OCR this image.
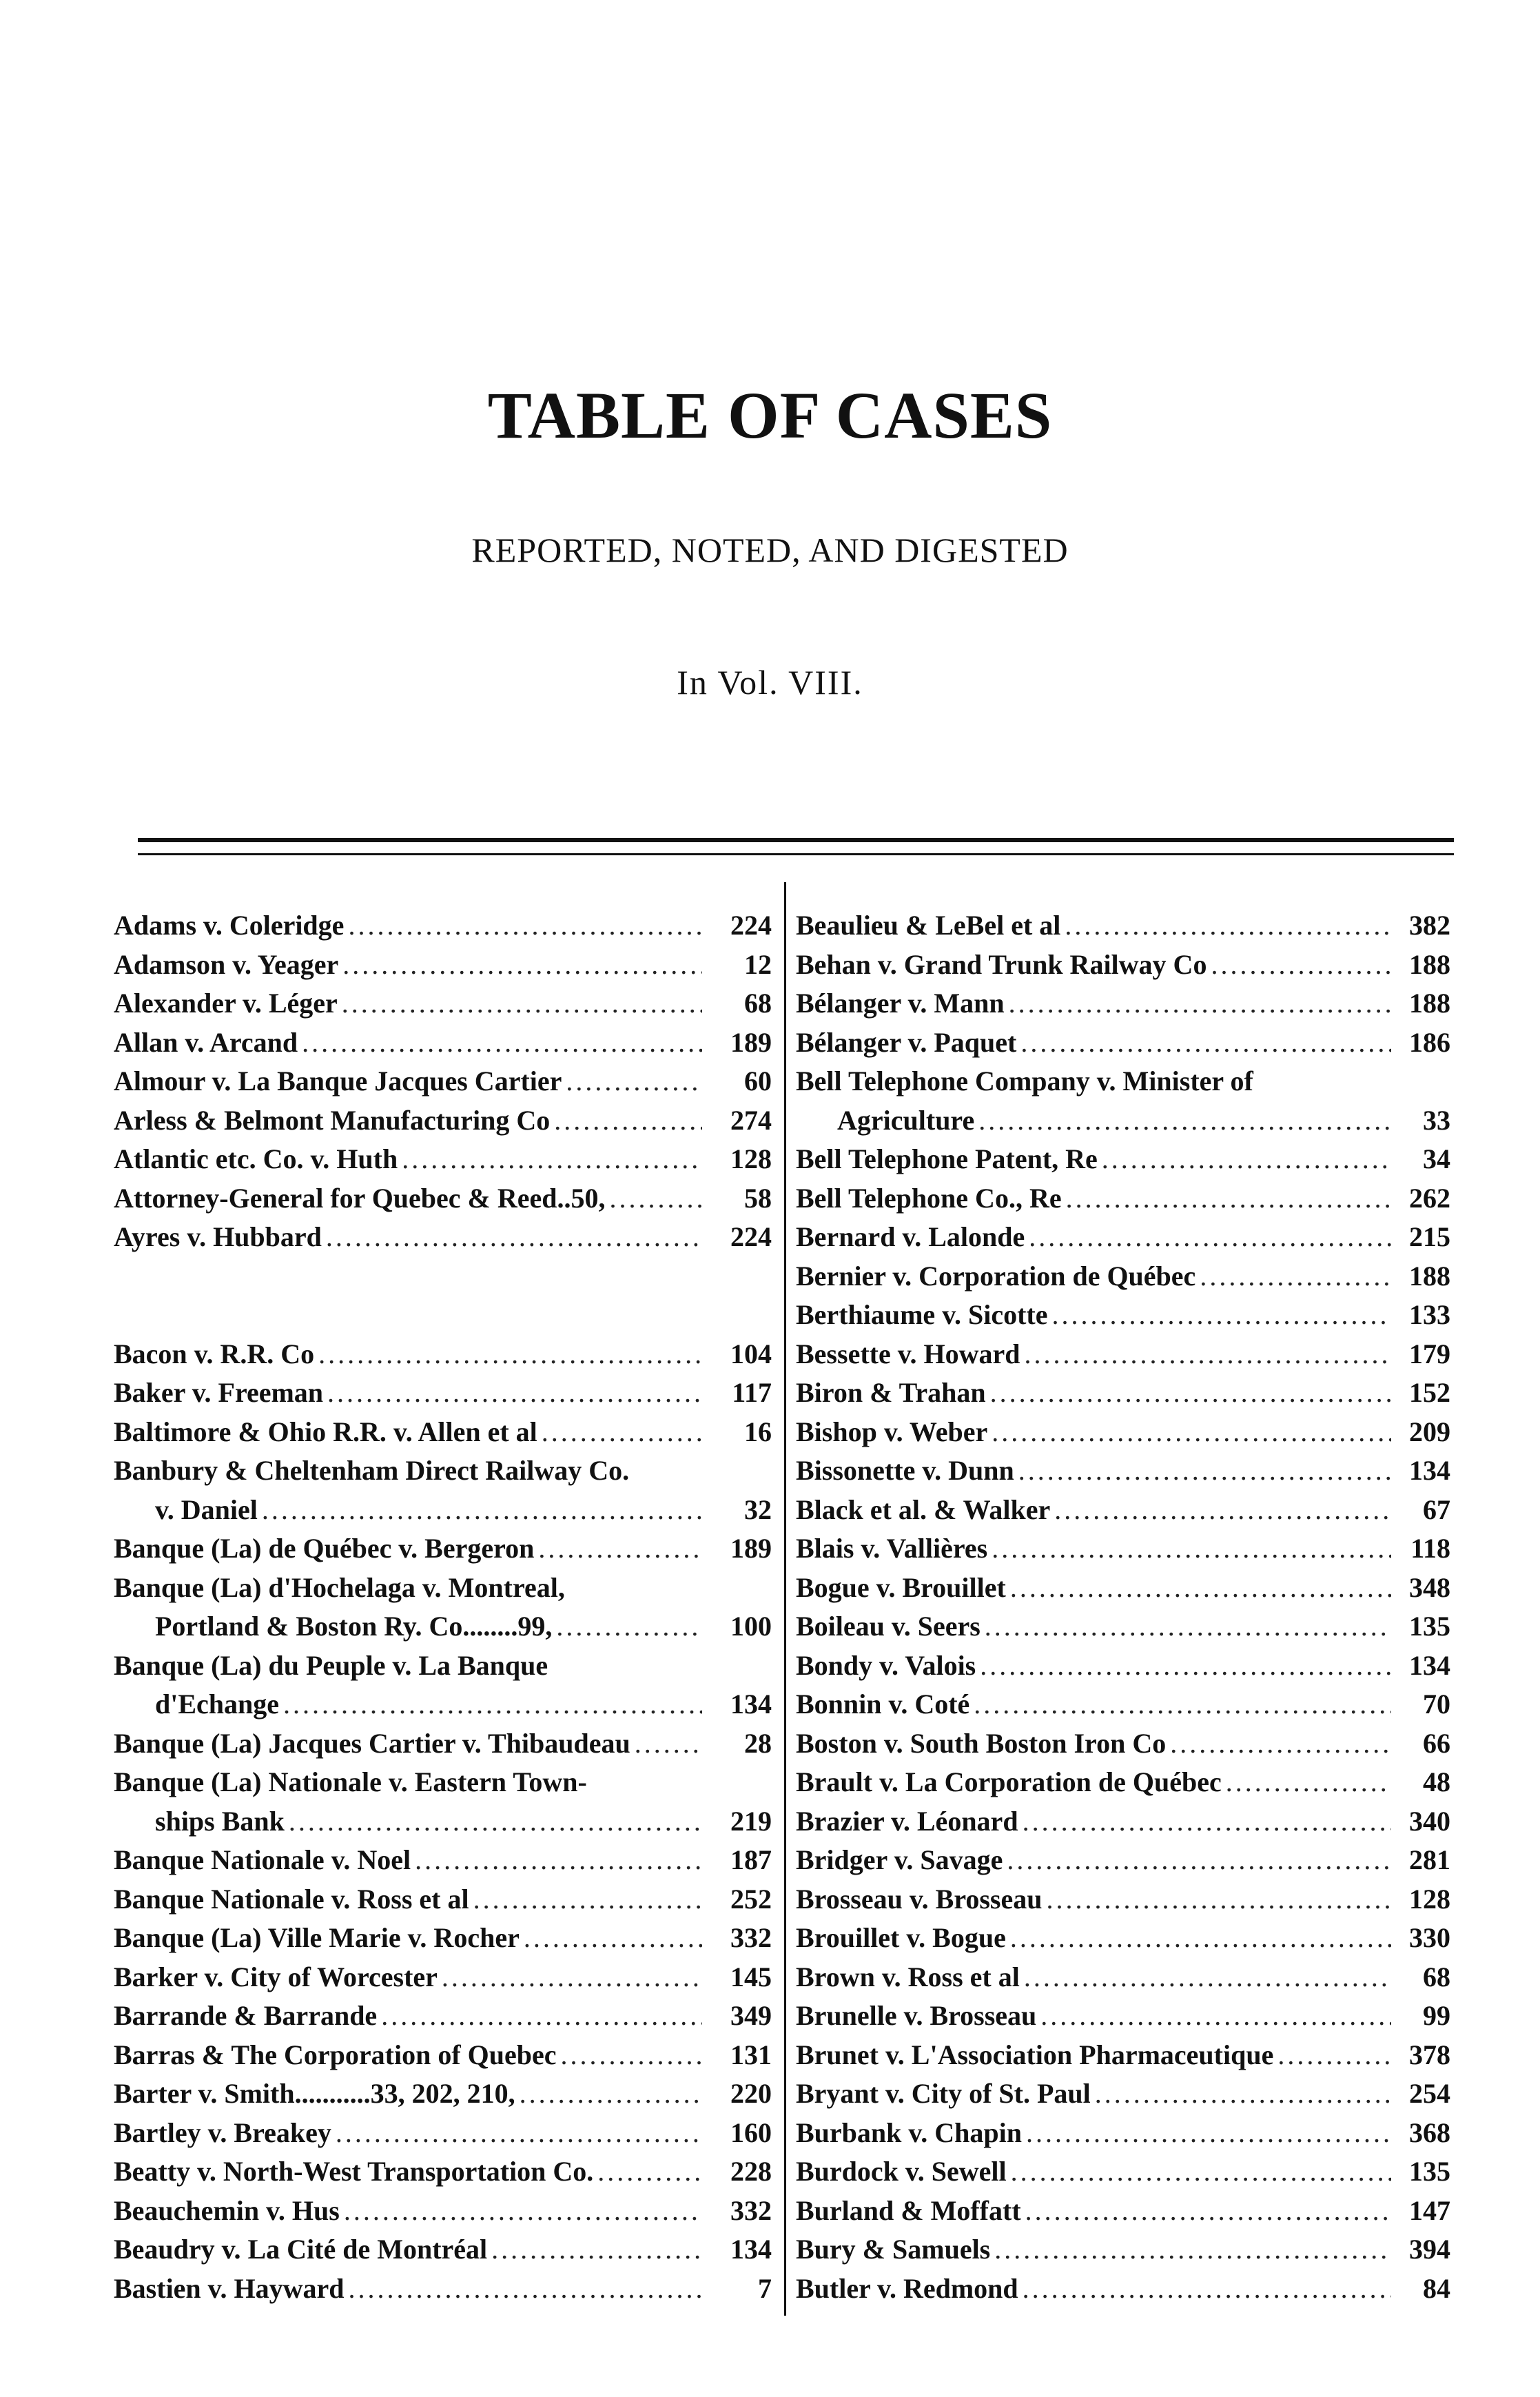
TABLE OF CASES
REPORTED, NOTED, AND DIGESTED
In Vol. VIII.
Adams v. Coleridge .....	224
Adamson v. Yeager .....	12
Alexander v. Léger .....	68
Allan v. Arcand .....	189
Almour v. La Banque Jacques Cartier .....	60
Arless & Belmont Manufacturing Co .....	274
Atlantic etc. Co. v. Huth .....	128
Attorney-General for Quebec & Reed..50, .....	58
Ayres v. Hubbard .....	224
Bacon v. R.R. Co .....	104
Baker v. Freeman .....	117
Baltimore & Ohio R.R. v. Allen et al .....	16
Banbury & Cheltenham Direct Railway Co.
v. Daniel .....	32
Banque (La) de Québec v. Bergeron .....	189
Banque (La) d'Hochelaga v. Montreal,
Portland & Boston Ry. Co........99, .....	100
Banque (La) du Peuple v. La Banque
d'Echange .....	134
Banque (La) Jacques Cartier v. Thibaudeau .....	28
Banque (La) Nationale v. Eastern Town-
ships Bank .....	219
Banque Nationale v. Noel .....	187
Banque Nationale v. Ross et al .....	252
Banque (La) Ville Marie v. Rocher .....	332
Barker v. City of Worcester .....	145
Barrande & Barrande .....	349
Barras & The Corporation of Quebec .....	131
Barter v. Smith...........33, 202, 210, .....	220
Bartley v. Breakey .....	160
Beatty v. North-West Transportation Co. .....	228
Beauchemin v. Hus .....	332
Beaudry v. La Cité de Montréal .....	134
Bastien v. Hayward .....	7
Beaulieu & LeBel et al .....	382
Behan v. Grand Trunk Railway Co .....	188
Bélanger v. Mann .....	188
Bélanger v. Paquet .....	186
Bell Telephone Company v. Minister of
Agriculture .....	33
Bell Telephone Patent, Re .....	34
Bell Telephone Co., Re .....	262
Bernard v. Lalonde .....	215
Bernier v. Corporation de Québec .....	188
Berthiaume v. Sicotte .....	133
Bessette v. Howard .....	179
Biron & Trahan .....	152
Bishop v. Weber .....	209
Bissonette v. Dunn .....	134
Black et al. & Walker .....	67
Blais v. Vallières .....	118
Bogue v. Brouillet .....	348
Boileau v. Seers .....	135
Bondy v. Valois .....	134
Bonnin v. Coté .....	70
Boston v. South Boston Iron Co .....	66
Brault v. La Corporation de Québec .....	48
Brazier v. Léonard .....	340
Bridger v. Savage .....	281
Brosseau v. Brosseau .....	128
Brouillet v. Bogue .....	330
Brown v. Ross et al .....	68
Brunelle v. Brosseau .....	99
Brunet v. L'Association Pharmaceutique .....	378
Bryant v. City of St. Paul .....	254
Burbank v. Chapin .....	368
Burdock v. Sewell .....	135
Burland & Moffatt .....	147
Bury & Samuels .....	394
Butler v. Redmond .....	84
